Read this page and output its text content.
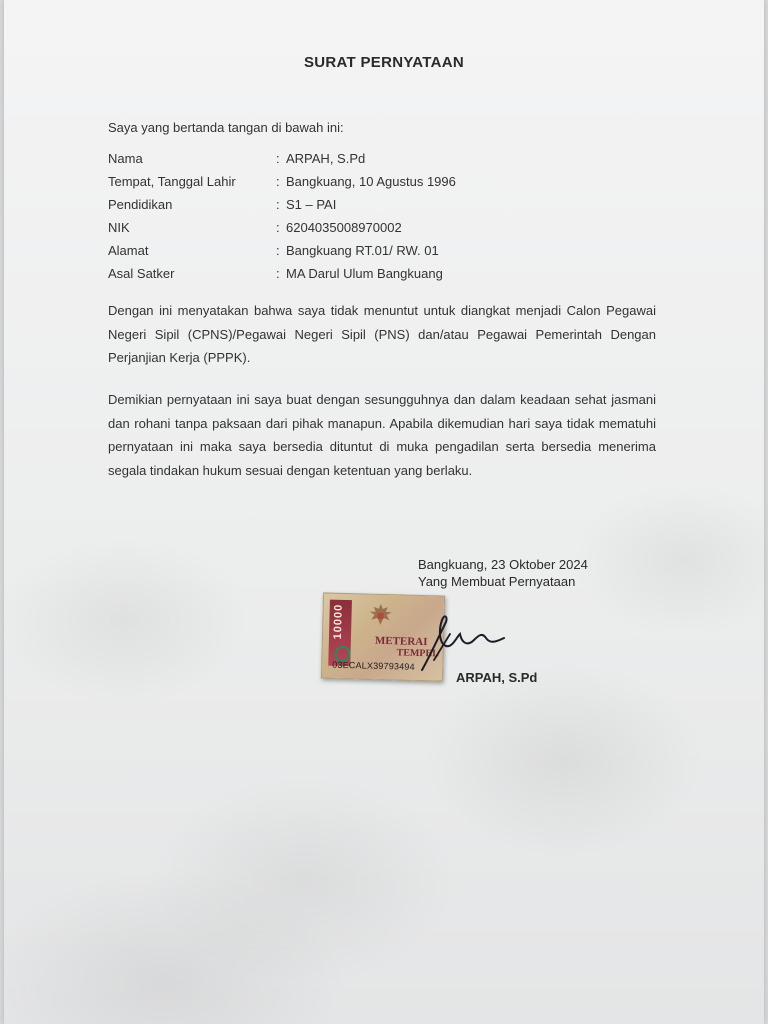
SURAT PERNYATAAN
Saya yang bertanda tangan di bawah ini:
Nama	: ARPAH, S.Pd
Tempat, Tanggal Lahir	: Bangkuang, 10 Agustus 1996
Pendidikan	: S1 – PAI
NIK	: 6204035008970002
Alamat	: Bangkuang RT.01/ RW. 01
Asal Satker	: MA Darul Ulum Bangkuang
Dengan ini menyatakan bahwa saya tidak menuntut untuk diangkat menjadi Calon Pegawai Negeri Sipil (CPNS)/Pegawai Negeri Sipil (PNS) dan/atau Pegawai Pemerintah Dengan Perjanjian Kerja (PPPK).
Demikian pernyataan ini saya buat dengan sesungguhnya dan dalam keadaan sehat jasmani dan rohani tanpa paksaan dari pihak manapun. Apabila dikemudian hari saya tidak mematuhi pernyataan ini maka saya bersedia dituntut di muka pengadilan serta bersedia menerima segala tindakan hukum sesuai dengan ketentuan yang berlaku.
Bangkuang, 23 Oktober 2024
Yang Membuat Pernyataan
10000
METERAI
TEMPEL
03ECALX39793494
ARPAH, S.Pd
